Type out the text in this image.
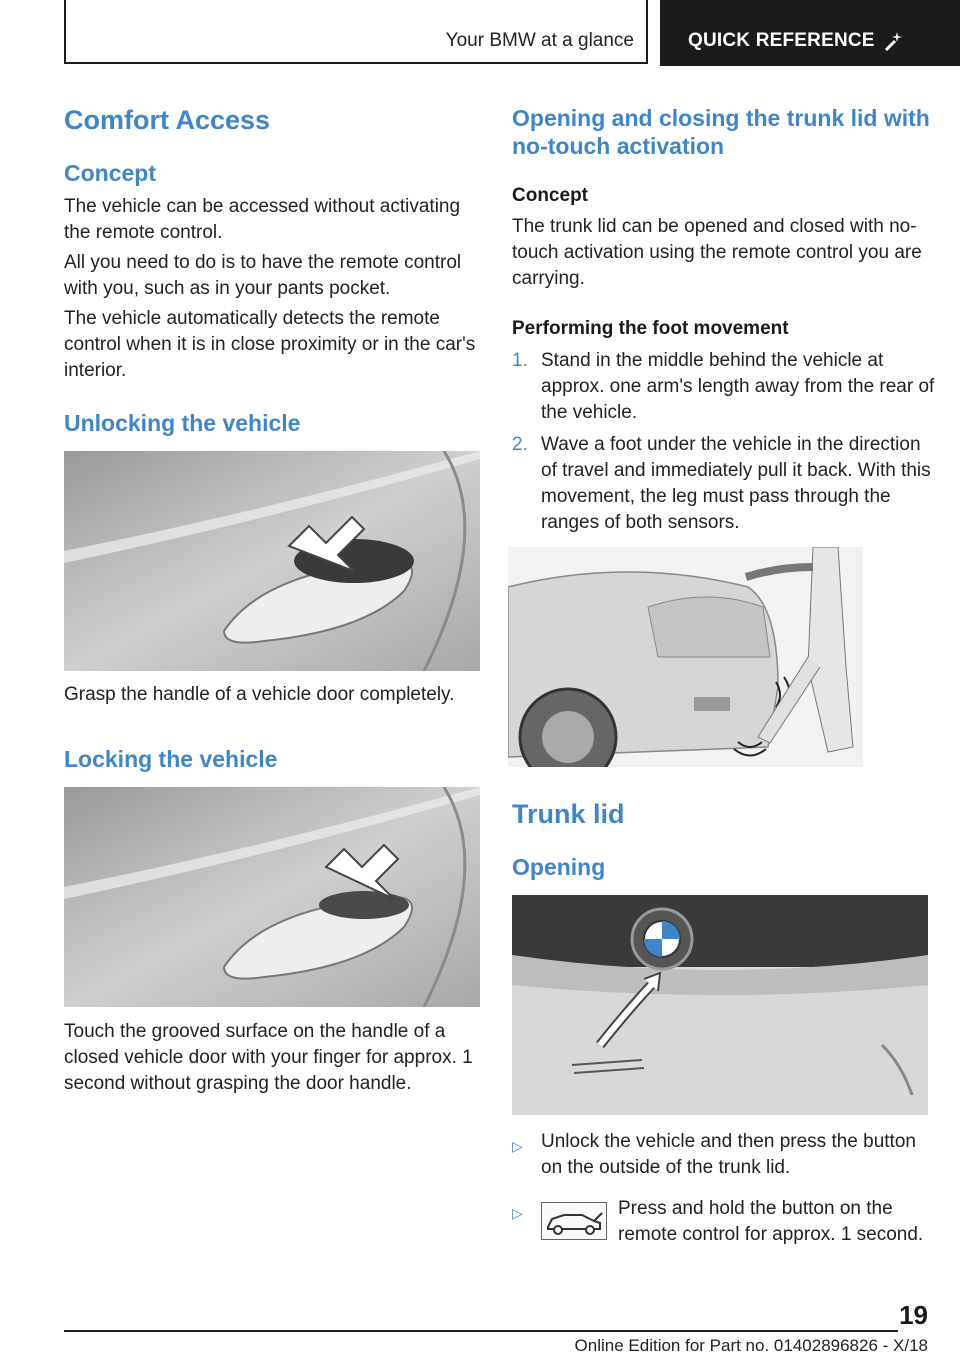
Your BMW at a glance	QUICK REFERENCE
Comfort Access
Concept
The vehicle can be accessed without activating the remote control.
All you need to do is to have the remote control with you, such as in your pants pocket.
The vehicle automatically detects the remote control when it is in close proximity or in the car's interior.
Unlocking the vehicle
Grasp the handle of a vehicle door completely.
Locking the vehicle
Touch the grooved surface on the handle of a closed vehicle door with your finger for approx. 1 second without grasping the door handle.
Opening and closing the trunk lid with no-touch activation
Concept
The trunk lid can be opened and closed with no-touch activation using the remote control you are carrying.
Performing the foot movement
1. Stand in the middle behind the vehicle at approx. one arm's length away from the rear of the vehicle.
2. Wave a foot under the vehicle in the direction of travel and immediately pull it back. With this movement, the leg must pass through the ranges of both sensors.
Trunk lid
Opening
▷ Unlock the vehicle and then press the button on the outside of the trunk lid.
▷	Press and hold the button on the remote control for approx. 1 second.
19
Online Edition for Part no. 01402896826 - X/18
